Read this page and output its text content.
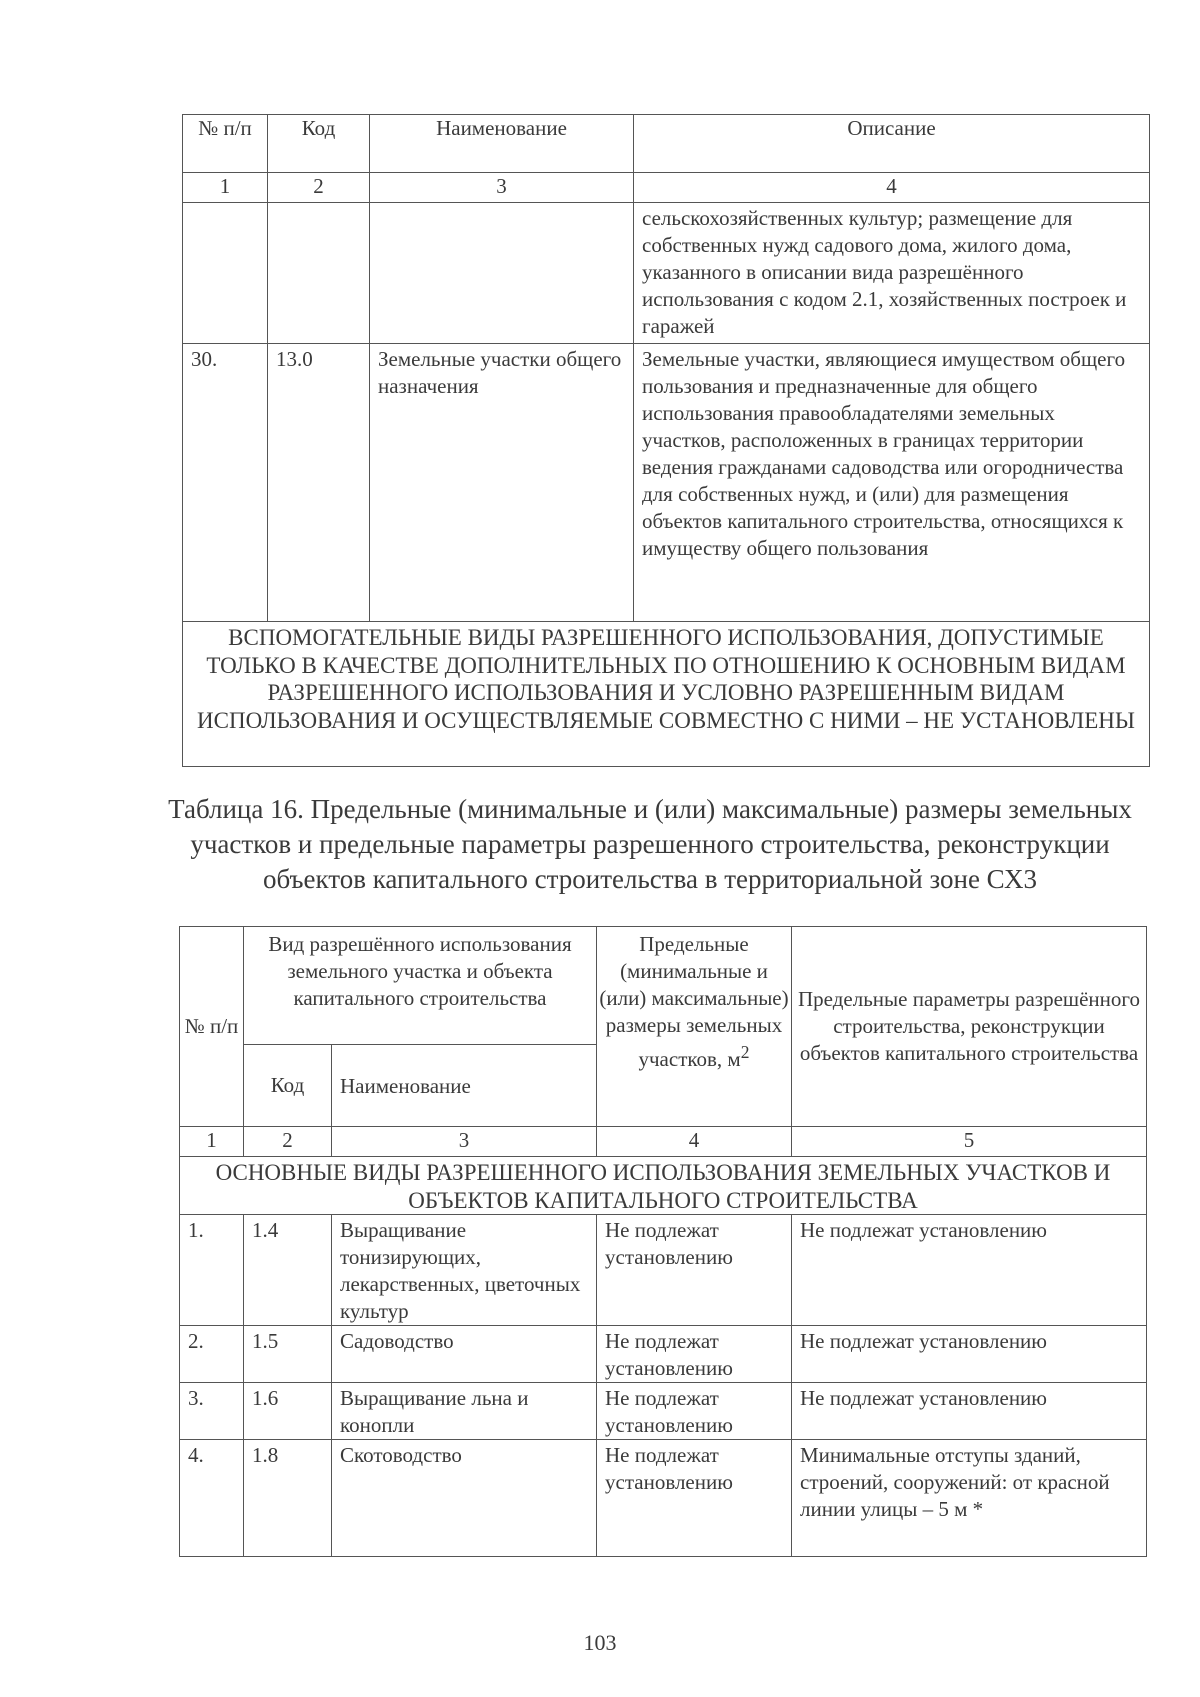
№ п/п	Код	Наименование	Описание
1	2	3	4
			сельскохозяйственных культур; размещение для собственных нужд садового дома, жилого дома, указанного в описании вида разрешённого использования с кодом 2.1, хозяйственных построек и гаражей
30.	13.0	Земельные участки общего назначения	Земельные участки, являющиеся имуществом общего пользования и предназначенные для общего использования правообладателями земельных участков, расположенных в границах территории ведения гражданами садоводства или огородничества для собственных нужд, и (или) для размещения объектов капитального строительства, относящихся к имуществу общего пользования
ВСПОМОГАТЕЛЬНЫЕ ВИДЫ РАЗРЕШЕННОГО ИСПОЛЬЗОВАНИЯ, ДОПУСТИМЫЕ ТОЛЬКО В КАЧЕСТВЕ ДОПОЛНИТЕЛЬНЫХ ПО ОТНОШЕНИЮ К ОСНОВНЫМ ВИДАМ РАЗРЕШЕННОГО ИСПОЛЬЗОВАНИЯ И УСЛОВНО РАЗРЕШЕННЫМ ВИДАМ ИСПОЛЬЗОВАНИЯ И ОСУЩЕСТВЛЯЕМЫЕ СОВМЕСТНО С НИМИ – НЕ УСТАНОВЛЕНЫ			
Таблица 16. Предельные (минимальные и (или) максимальные) размеры земельных участков и предельные параметры разрешенного строительства, реконструкции объектов капитального строительства в территориальной зоне СХ3
№ п/п	Вид разрешённого использования земельного участка и объекта капитального строительства		Предельные (минимальные и (или) максимальные) размеры земельных участков, $м^2$	Предельные параметры разрешённого строительства, реконструкции объектов капитального строительства
	Код	Наименование		
1	2	3	4	5
ОСНОВНЫЕ ВИДЫ РАЗРЕШЕННОГО ИСПОЛЬЗОВАНИЯ ЗЕМЕЛЬНЫХ УЧАСТКОВ И ОБЪЕКТОВ КАПИТАЛЬНОГО СТРОИТЕЛЬСТВА				
1.	1.4	Выращивание тонизирующих, лекарственных, цветочных культур	Не подлежат установлению	Не подлежат установлению
2.	1.5	Садоводство	Не подлежат установлению	Не подлежат установлению
3.	1.6	Выращивание льна и конопли	Не подлежат установлению	Не подлежат установлению
4.	1.8	Скотоводство	Не подлежат установлению	Минимальные отступы зданий, строений, сооружений: от красной линии улицы – 5 м *
103
